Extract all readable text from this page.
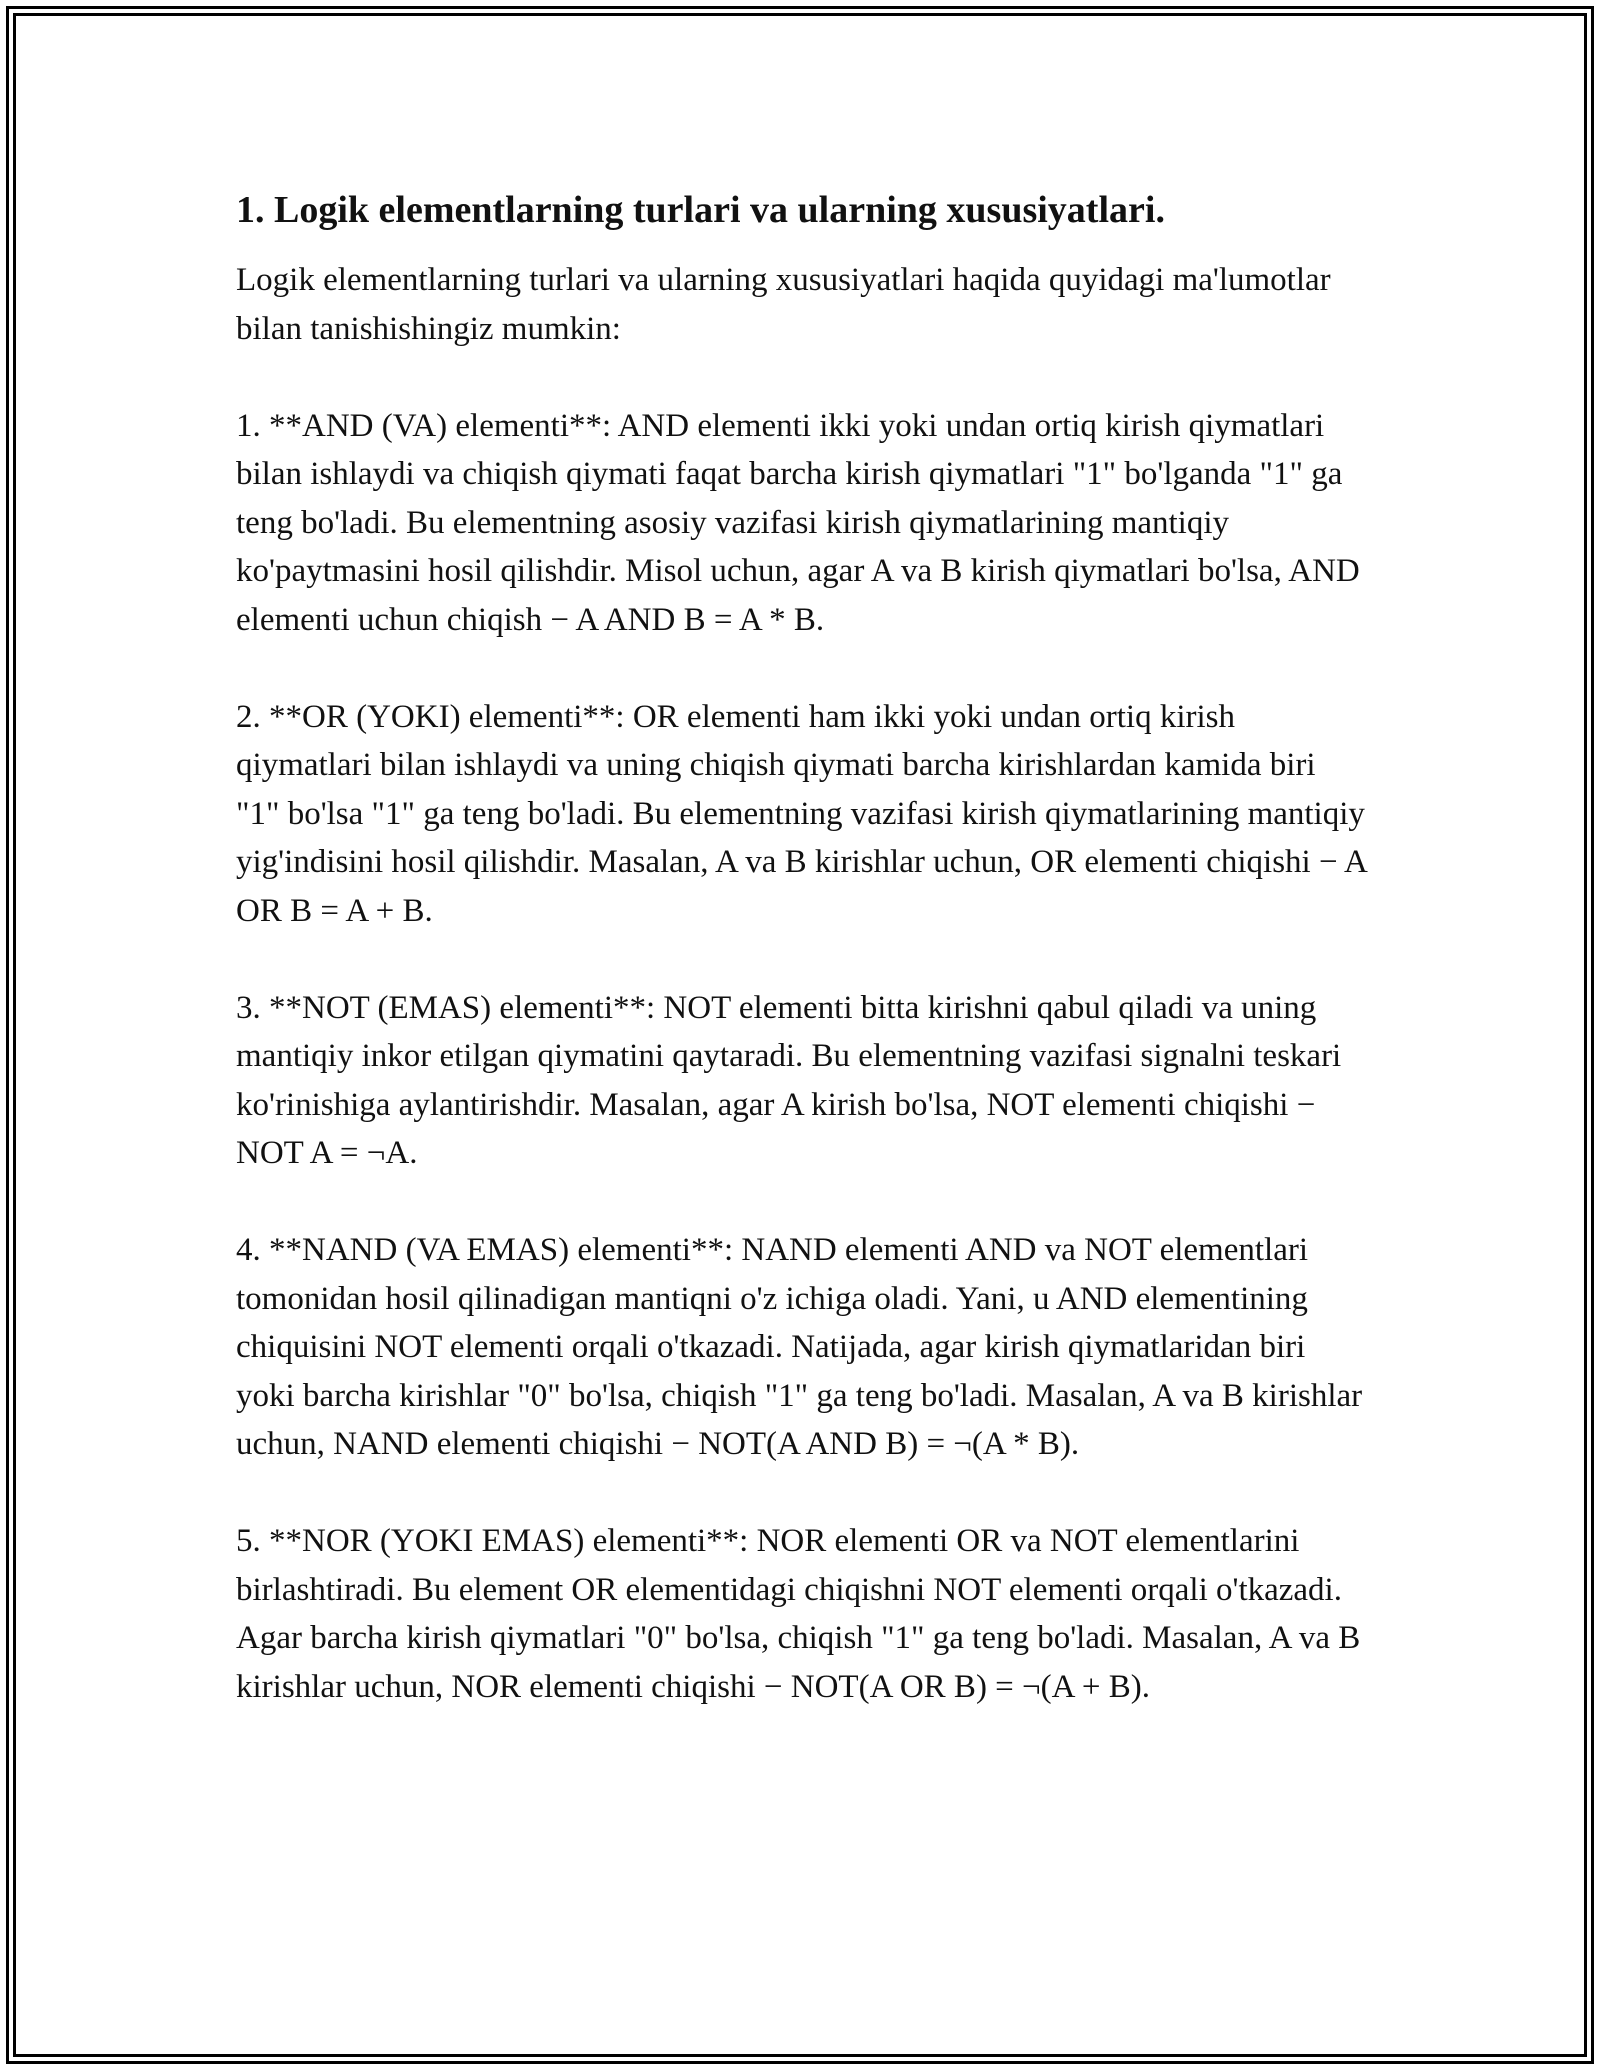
1. Logik elementlarning turlari va ularning xususiyatlari.

Logik elementlarning turlari va ularning xususiyatlari haqida quyidagi ma'lumotlar bilan tanishishingiz mumkin:

1. **AND (VA) elementi**: AND elementi ikki yoki undan ortiq kirish qiymatlari bilan ishlaydi va chiqish qiymati faqat barcha kirish qiymatlari "1" bo'lganda "1" ga teng bo'ladi. Bu elementning asosiy vazifasi kirish qiymatlarining mantiqiy ko'paytmasini hosil qilishdir. Misol uchun, agar A va B kirish qiymatlari bo'lsa, AND elementi uchun chiqish − A AND B = A * B.

2. **OR (YOKI) elementi**: OR elementi ham ikki yoki undan ortiq kirish qiymatlari bilan ishlaydi va uning chiqish qiymati barcha kirishlardan kamida biri "1" bo'lsa "1" ga teng bo'ladi. Bu elementning vazifasi kirish qiymatlarining mantiqiy yig'indisini hosil qilishdir. Masalan, A va B kirishlar uchun, OR elementi chiqishi − A OR B = A + B.

3. **NOT (EMAS) elementi**: NOT elementi bitta kirishni qabul qiladi va uning mantiqiy inkor etilgan qiymatini qaytaradi. Bu elementning vazifasi signalni teskari ko'rinishiga aylantirishdir. Masalan, agar A kirish bo'lsa, NOT elementi chiqishi − NOT A = ¬A.

4. **NAND (VA EMAS) elementi**: NAND elementi AND va NOT elementlari tomonidan hosil qilinadigan mantiqni o'z ichiga oladi. Yani, u AND elementining chiquisini NOT elementi orqali o'tkazadi. Natijada, agar kirish qiymatlaridan biri yoki barcha kirishlar "0" bo'lsa, chiqish "1" ga teng bo'ladi. Masalan, A va B kirishlar uchun, NAND elementi chiqishi − NOT(A AND B) = ¬(A * B).

5. **NOR (YOKI EMAS) elementi**: NOR elementi OR va NOT elementlarini birlashtiradi. Bu element OR elementidagi chiqishni NOT elementi orqali o'tkazadi. Agar barcha kirish qiymatlari "0" bo'lsa, chiqish "1" ga teng bo'ladi. Masalan, A va B kirishlar uchun, NOR elementi chiqishi − NOT(A OR B) = ¬(A + B).
